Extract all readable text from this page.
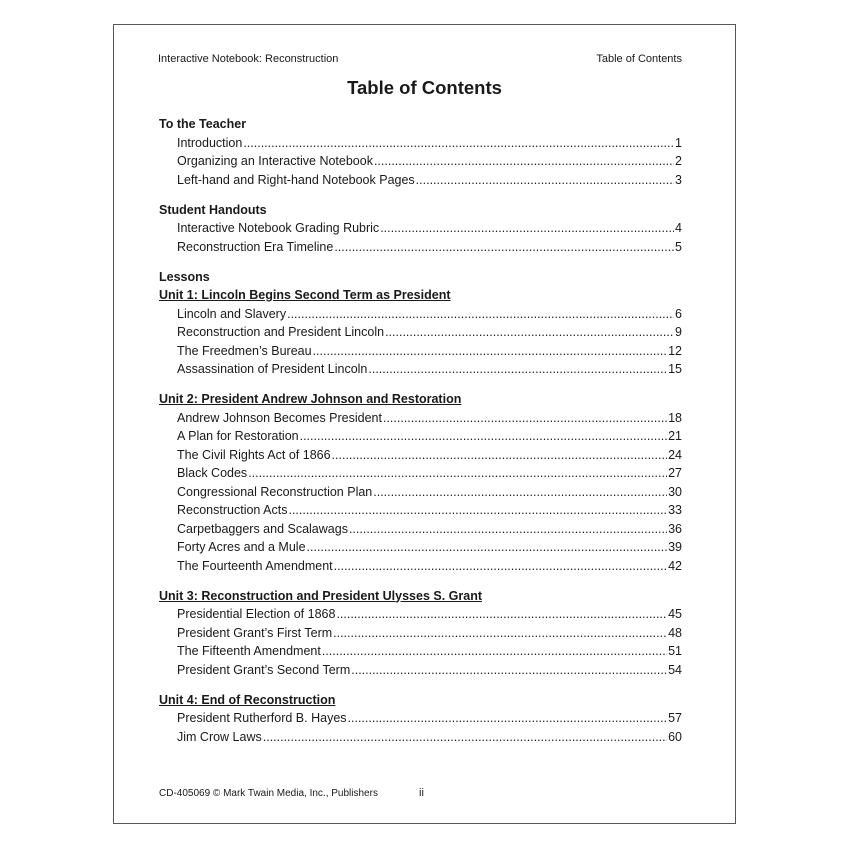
Interactive Notebook: Reconstruction	Table of Contents
Table of Contents
To the Teacher
Introduction .....	1
Organizing an Interactive Notebook .....	2
Left-hand and Right-hand Notebook Pages .....	3
Student Handouts
Interactive Notebook Grading Rubric .....	4
Reconstruction Era Timeline .....	5
Lessons
Unit 1: Lincoln Begins Second Term as President
Lincoln and Slavery .....	6
Reconstruction and President Lincoln .....	9
The Freedmen’s Bureau .....	12
Assassination of President Lincoln .....	15
Unit 2: President Andrew Johnson and Restoration
Andrew Johnson Becomes President .....	18
A Plan for Restoration .....	21
The Civil Rights Act of 1866 .....	24
Black Codes .....	27
Congressional Reconstruction Plan .....	30
Reconstruction Acts .....	33
Carpetbaggers and Scalawags .....	36
Forty Acres and a Mule .....	39
The Fourteenth Amendment .....	42
Unit 3: Reconstruction and President Ulysses S. Grant
Presidential Election of 1868 .....	45
President Grant’s First Term .....	48
The Fifteenth Amendment .....	51
President Grant’s Second Term .....	54
Unit 4: End of Reconstruction
President Rutherford B. Hayes .....	57
Jim Crow Laws .....	60
CD-405069 © Mark Twain Media, Inc., Publishers	ii
